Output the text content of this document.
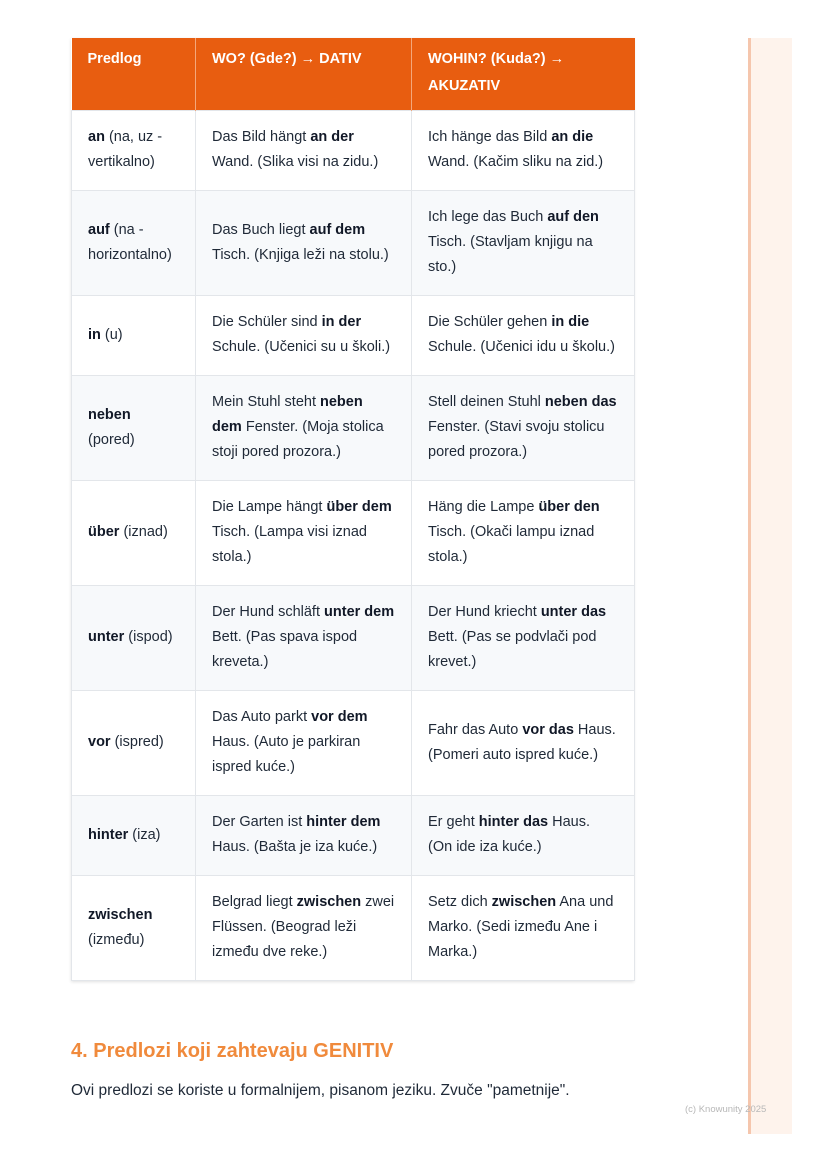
Predlog	WO? (Gde?) → DATIV	WOHIN? (Kuda?) → AKUZATIV
an (na, uz - vertikalno)	Das Bild hängt an der Wand. (Slika visi na zidu.)	Ich hänge das Bild an die Wand. (Kačim sliku na zid.)
auf (na - horizontalno)	Das Buch liegt auf dem Tisch. (Knjiga leži na stolu.)	Ich lege das Buch auf den Tisch. (Stavljam knjigu na sto.)
in (u)	Die Schüler sind in der Schule. (Učenici su u školi.)	Die Schüler gehen in die Schule. (Učenici idu u školu.)
neben (pored)	Mein Stuhl steht neben dem Fenster. (Moja stolica stoji pored prozora.)	Stell deinen Stuhl neben das Fenster. (Stavi svoju stolicu pored prozora.)
über (iznad)	Die Lampe hängt über dem Tisch. (Lampa visi iznad stola.)	Häng die Lampe über den Tisch. (Okači lampu iznad stola.)
unter (ispod)	Der Hund schläft unter dem Bett. (Pas spava ispod kreveta.)	Der Hund kriecht unter das Bett. (Pas se podvlači pod krevet.)
vor (ispred)	Das Auto parkt vor dem Haus. (Auto je parkiran ispred kuće.)	Fahr das Auto vor das Haus. (Pomeri auto ispred kuće.)
hinter (iza)	Der Garten ist hinter dem Haus. (Bašta je iza kuće.)	Er geht hinter das Haus. (On ide iza kuće.)
zwischen (između)	Belgrad liegt zwischen zwei Flüssen. (Beograd leži između dve reke.)	Setz dich zwischen Ana und Marko. (Sedi između Ane i Marka.)
4. Predlozi koji zahtevaju GENITIV

Ovi predlozi se koriste u formalnijem, pisanom jeziku. Zvuče "pametnije".

(c) Knowunity 2025
